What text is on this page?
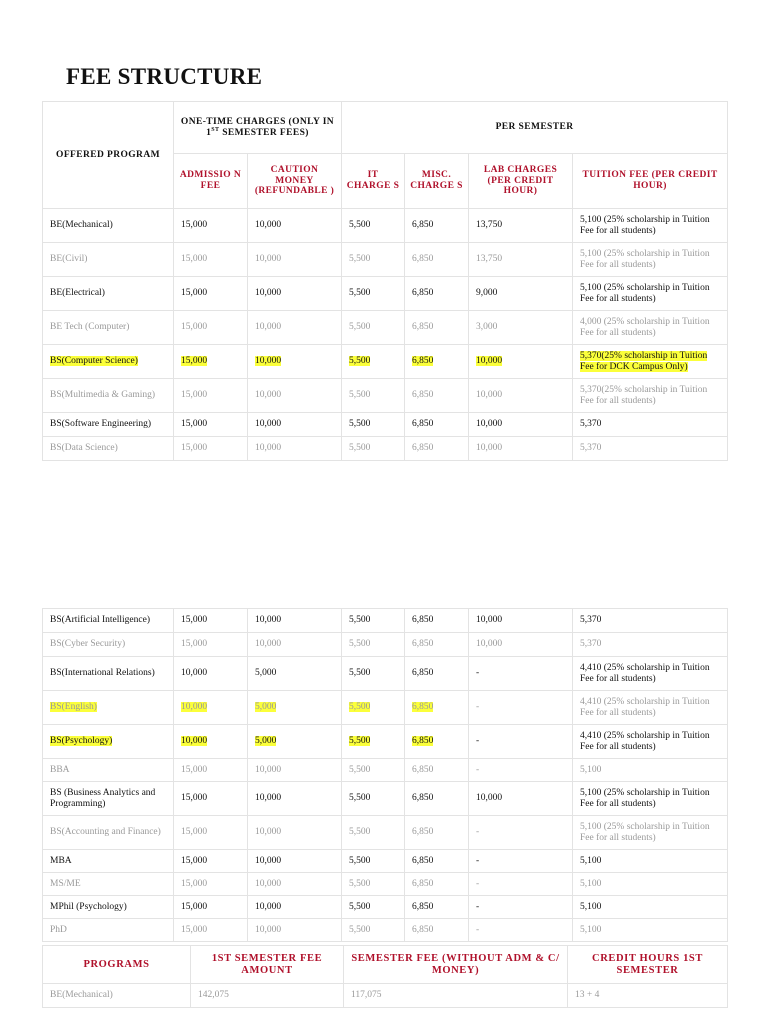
FEE STRUCTURE
OFFERED PROGRAM	ONE-TIME CHARGES (ONLY IN 1ST SEMESTER FEES)		PER SEMESTER			
	ADMISSIO N FEE	CAUTION MONEY (REFUNDABLE )	IT CHARGE S	MISC. CHARGE S	LAB CHARGES (PER CREDIT HOUR)	TUITION FEE (PER CREDIT HOUR)
BE(Mechanical)	15,000	10,000	5,500	6,850	13,750	5,100 (25% scholarship in Tuition Fee for all students)
BE(Civil)	15,000	10,000	5,500	6,850	13,750	5,100 (25% scholarship in Tuition Fee for all students)
BE(Electrical)	15,000	10,000	5,500	6,850	9,000	5,100 (25% scholarship in Tuition Fee for all students)
BE Tech (Computer)	15,000	10,000	5,500	6,850	3,000	4,000 (25% scholarship in Tuition Fee for all students)
BS(Computer Science)	15,000	10,000	5,500	6,850	10,000	5,370(25% scholarship in Tuition Fee for DCK Campus Only)
BS(Multimedia & Gaming)	15,000	10,000	5,500	6,850	10,000	5,370(25% scholarship in Tuition Fee for all students)
BS(Software Engineering)	15,000	10,000	5,500	6,850	10,000	5,370
BS(Data Science)	15,000	10,000	5,500	6,850	10,000	5,370
BS(Artificial Intelligence)	15,000	10,000	5,500	6,850	10,000	5,370
BS(Cyber Security)	15,000	10,000	5,500	6,850	10,000	5,370
BS(International Relations)	10,000	5,000	5,500	6,850	-	4,410 (25% scholarship in Tuition Fee for all students)
BS(English)	10,000	5,000	5,500	6,850	-	4,410 (25% scholarship in Tuition Fee for all students)
BS(Psychology)	10,000	5,000	5,500	6,850	-	4,410 (25% scholarship in Tuition Fee for all students)
BBA	15,000	10,000	5,500	6,850	-	5,100
BS (Business Analytics and Programming)	15,000	10,000	5,500	6,850	10,000	5,100 (25% scholarship in Tuition Fee for all students)
BS(Accounting and Finance)	15,000	10,000	5,500	6,850	-	5,100 (25% scholarship in Tuition Fee for all students)
MBA	15,000	10,000	5,500	6,850	-	5,100
MS/ME	15,000	10,000	5,500	6,850	-	5,100
MPhil (Psychology)	15,000	10,000	5,500	6,850	-	5,100
PhD	15,000	10,000	5,500	6,850	-	5,100
PROGRAMS	1ST SEMESTER FEE AMOUNT	SEMESTER FEE (WITHOUT ADM & C/ MONEY)	CREDIT HOURS 1ST SEMESTER
BE(Mechanical)	142,075	117,075	13 + 4
